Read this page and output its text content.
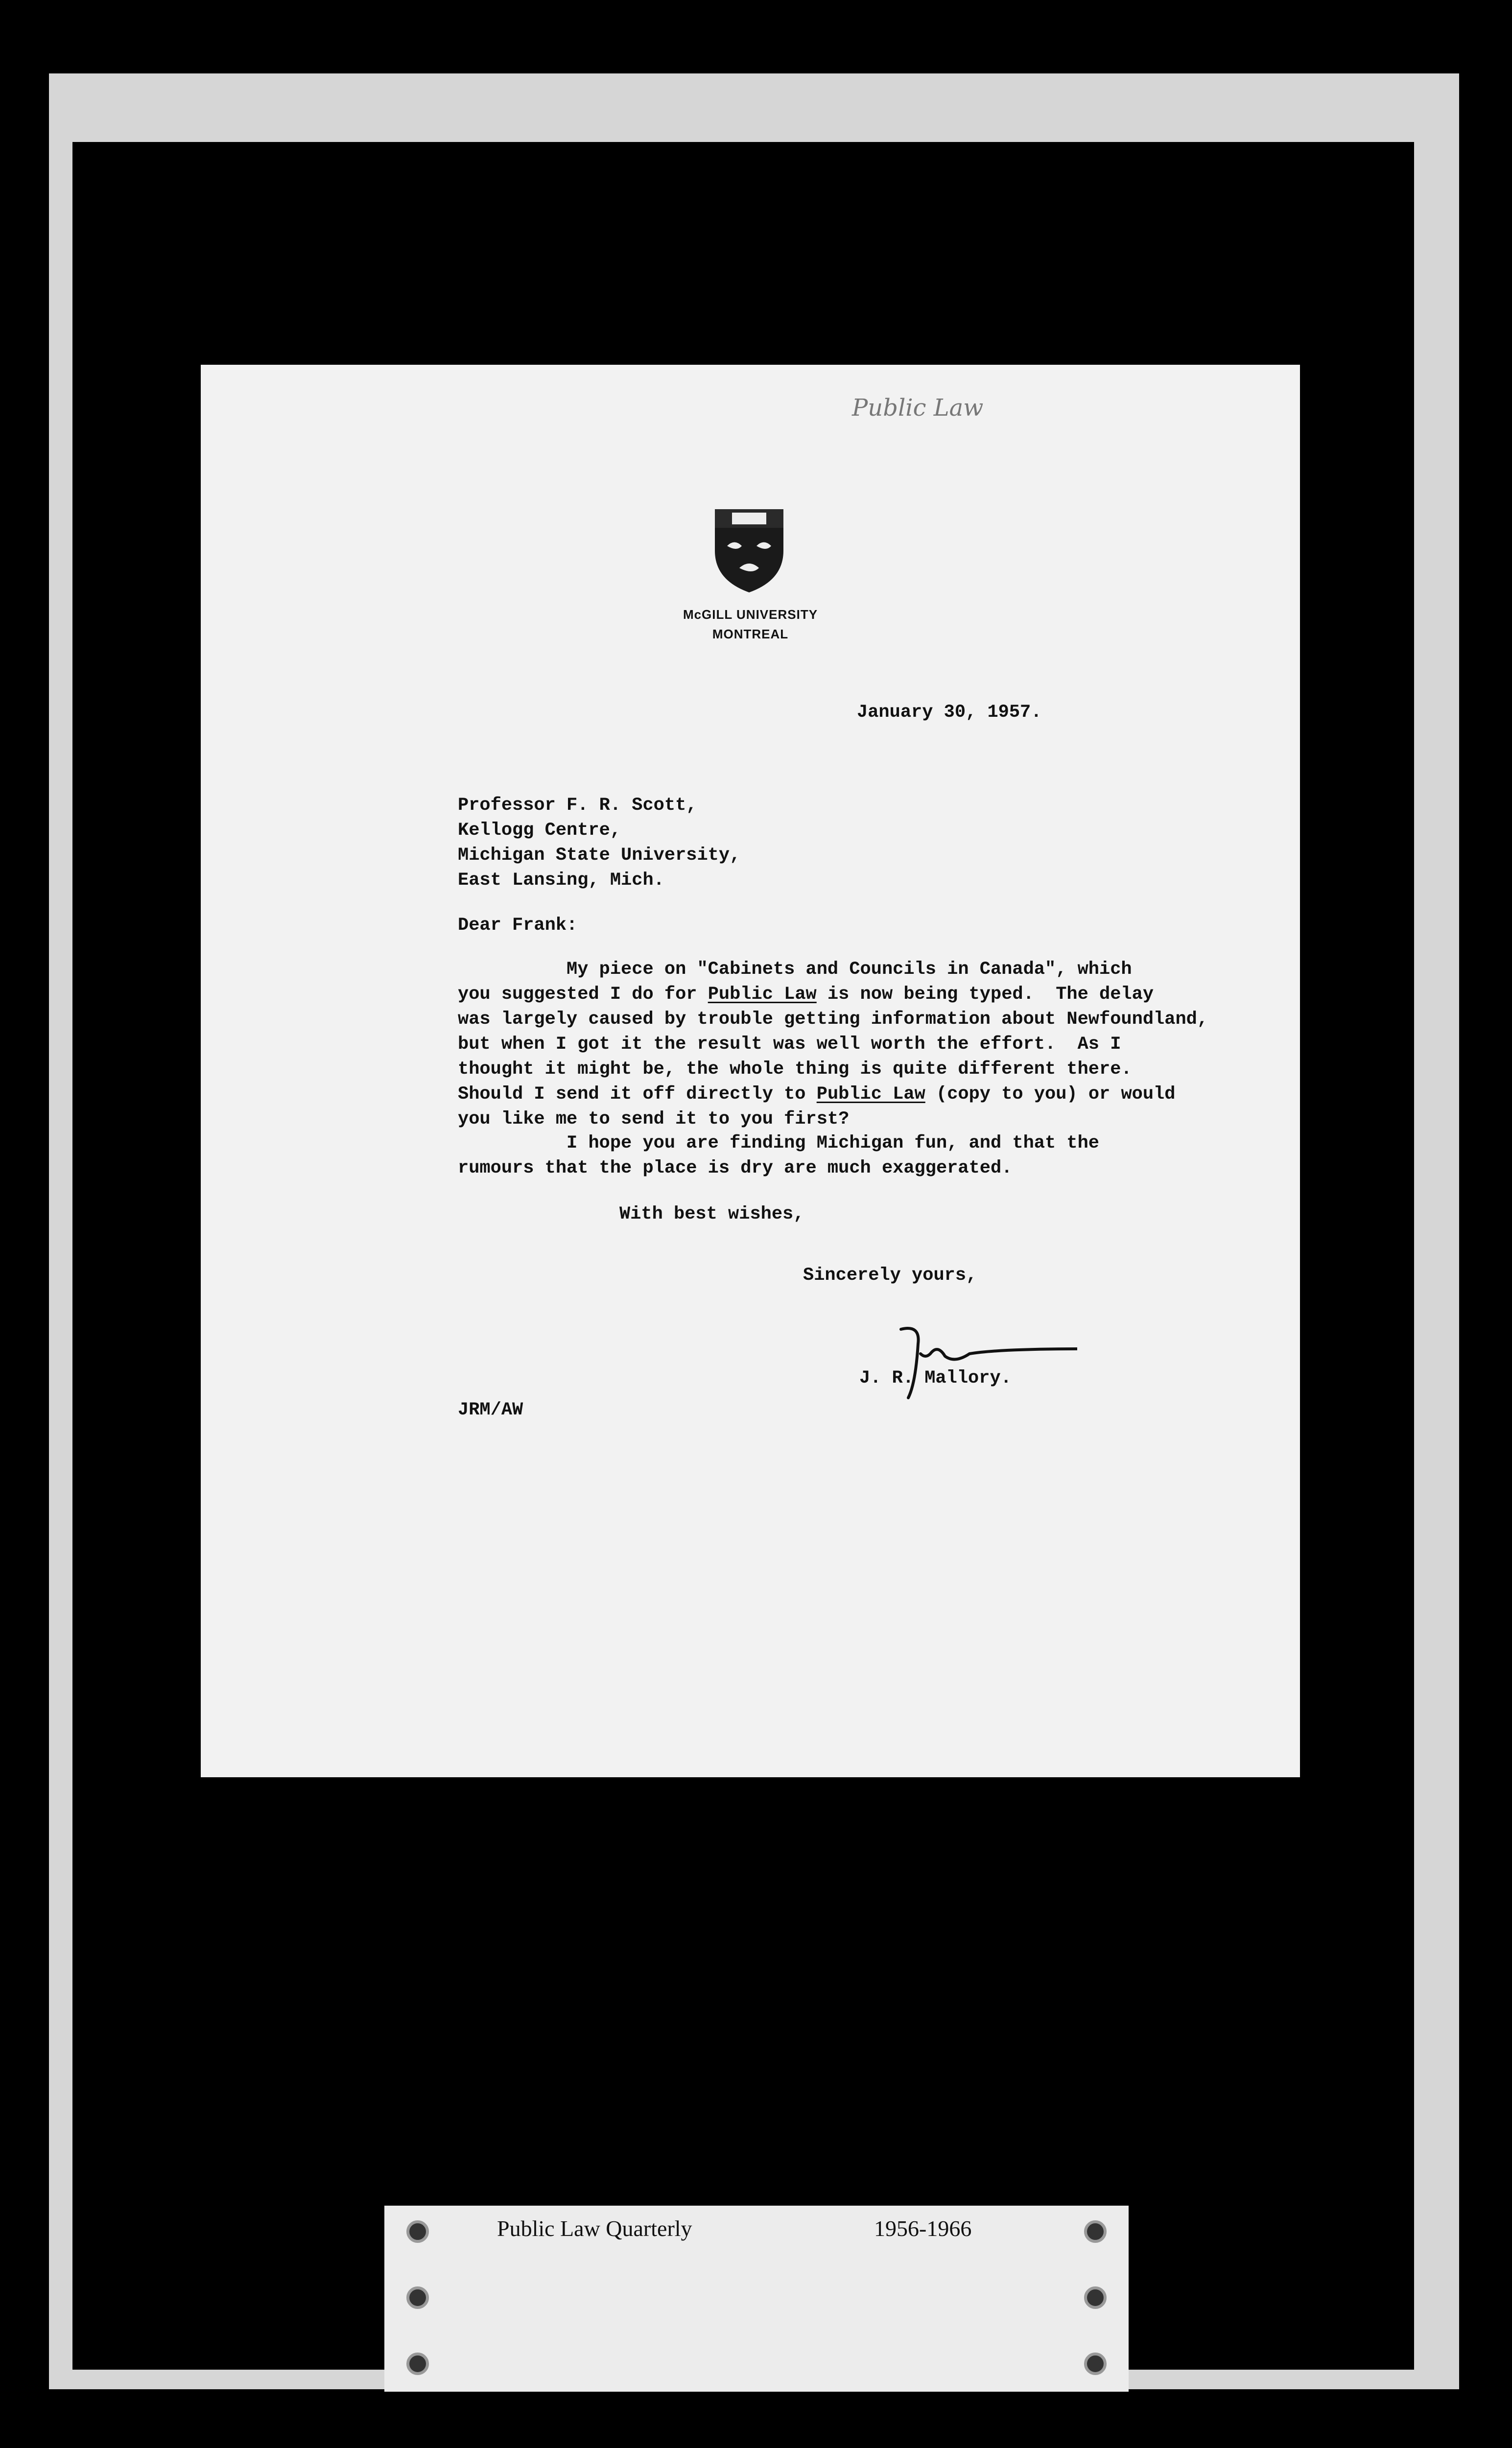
Public Law
McGILL UNIVERSITY
MONTREAL
January 30, 1957.
Professor F. R. Scott,
Kellogg Centre,
Michigan State University,
East Lansing, Mich.
Dear Frank:
My piece on "Cabinets and Councils in Canada", which
you suggested I do for Public Law is now being typed.  The delay
was largely caused by trouble getting information about Newfoundland,
but when I got it the result was well worth the effort.  As I
thought it might be, the whole thing is quite different there.
Should I send it off directly to Public Law (copy to you) or would
you like me to send it to you first?
I hope you are finding Michigan fun, and that the
rumours that the place is dry are much exaggerated.
With best wishes,
Sincerely yours,
J. R. Mallory.
JRM/AW
Public Law Quarterly	1956-1966
